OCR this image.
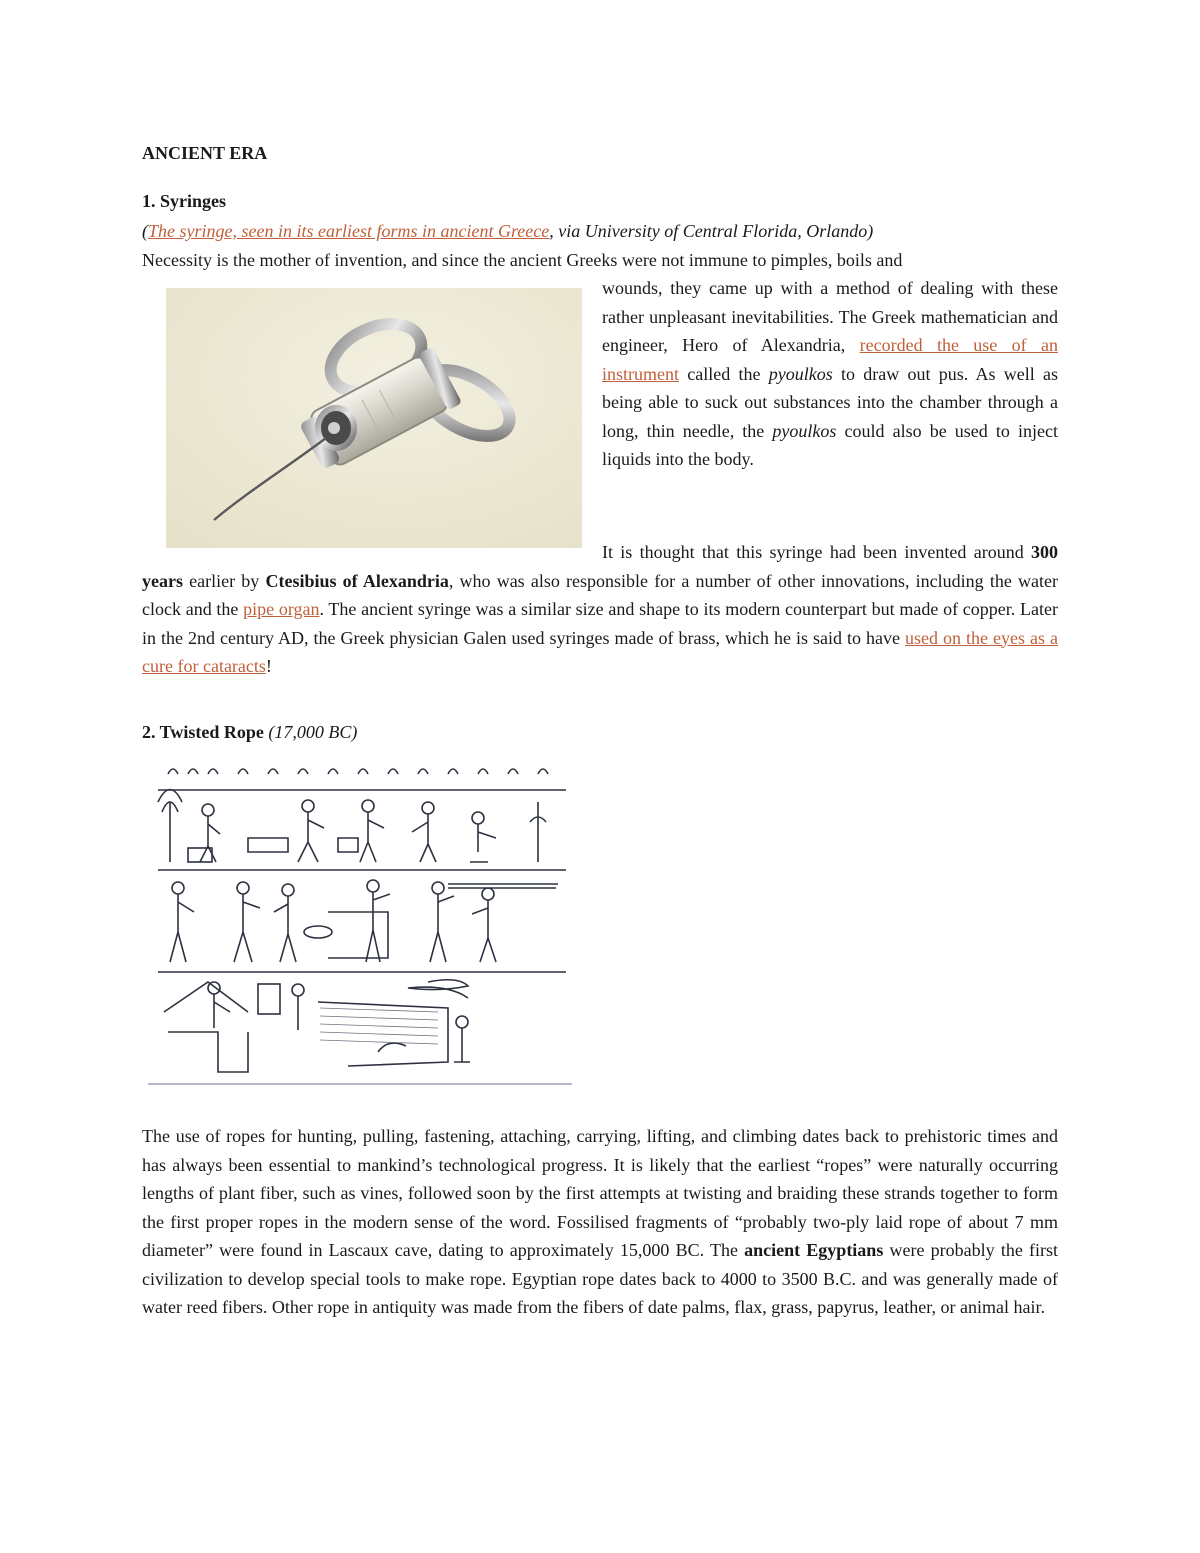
ANCIENT ERA
1. Syringes
(The syringe, seen in its earliest forms in ancient Greece, via University of Central Florida, Orlando)
Necessity is the mother of invention, and since the ancient Greeks were not immune to pimples, boils and
wounds, they came up with a method of dealing with these rather unpleasant inevitabilities. The Greek mathematician and engineer, Hero of Alexandria, recorded the use of an instrument called the pyoulkos to draw out pus. As well as being able to suck out substances into the chamber through a long, thin needle, the pyoulkos could also be used to inject liquids into the body.
It is thought that this syringe had been invented around 300 years earlier by Ctesibius of Alexandria, who was also responsible for a number of other innovations, including the water clock and the pipe organ. The ancient syringe was a similar size and shape to its modern counterpart but made of copper. Later in the 2nd century AD, the Greek physician Galen used syringes made of brass, which he is said to have used on the eyes as a cure for cataracts!
2. Twisted Rope (17,000 BC)
The use of ropes for hunting, pulling, fastening, attaching, carrying, lifting, and climbing dates back to prehistoric times and has always been essential to mankind’s technological progress. It is likely that the earliest “ropes” were naturally occurring lengths of plant fiber, such as vines, followed soon by the first attempts at twisting and braiding these strands together to form the first proper ropes in the modern sense of the word. Fossilised fragments of “probably two-ply laid rope of about 7 mm diameter” were found in Lascaux cave, dating to approximately 15,000 BC. The ancient Egyptians were probably the first civilization to develop special tools to make rope. Egyptian rope dates back to 4000 to 3500 B.C. and was generally made of water reed fibers. Other rope in antiquity was made from the fibers of date palms, flax, grass, papyrus, leather, or animal hair.
